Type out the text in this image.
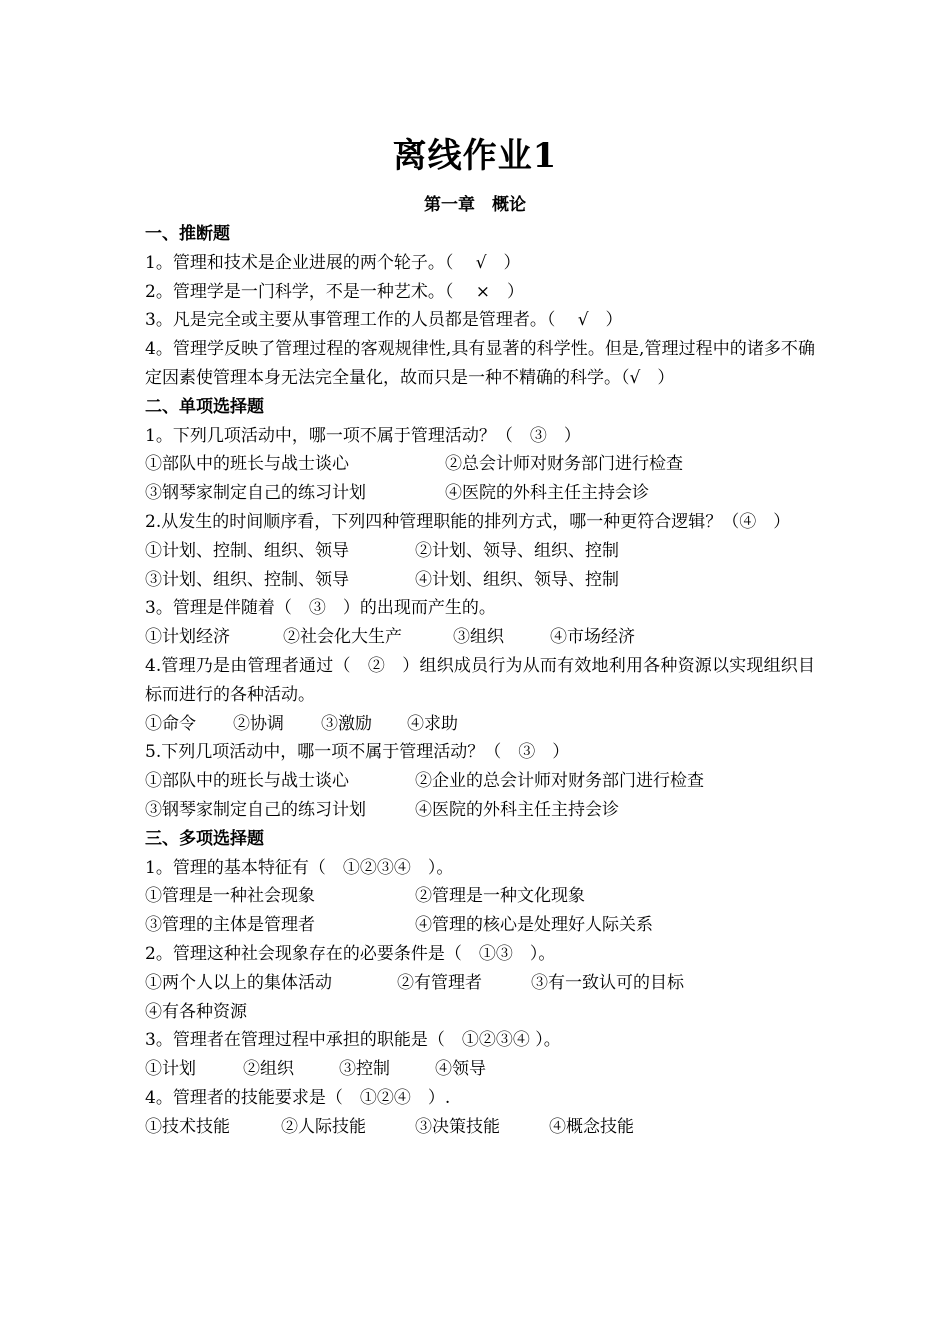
离线作业1
第一章　概论
一、推断题
1。管理和技术是企业进展的两个轮子。（　 √　）
2。管理学是一门科学，不是一种艺术。（　 ×　）
3。凡是完全或主要从事管理工作的人员都是管理者。（　 √　）
4。管理学反映了管理过程的客观规律性,具有显著的科学性。但是,管理过程中的诸多不确定因素使管理本身无法完全量化，故而只是一种不精确的科学。（√　）
二、单项选择题
1。下列几项活动中，哪一项不属于管理活动？（　③　）
①部队中的班长与战士谈心	②总会计师对财务部门进行检查
③钢琴家制定自己的练习计划	④医院的外科主任主持会诊
2.从发生的时间顺序看，下列四种管理职能的排列方式，哪一种更符合逻辑？（④　）
①计划、控制、组织、领导	②计划、领导、组织、控制
③计划、组织、控制、领导	④计划、组织、领导、控制
3。管理是伴随着（　③　）的出现而产生的。
①计划经济	②社会化大生产	③组织	④市场经济
4.管理乃是由管理者通过（　②　）组织成员行为从而有效地利用各种资源以实现组织目标而进行的各种活动。
①命令	②协调	③激励	④求助
5.下列几项活动中，哪一项不属于管理活动？（　③　）
①部队中的班长与战士谈心	②企业的总会计师对财务部门进行检查
③钢琴家制定自己的练习计划	④医院的外科主任主持会诊
三、多项选择题
1。管理的基本特征有（　①②③④　）。
①管理是一种社会现象	②管理是一种文化现象
③管理的主体是管理者	④管理的核心是处理好人际关系
2。管理这种社会现象存在的必要条件是（　①③　）。
①两个人以上的集体活动	②有管理者	③有一致认可的目标
④有各种资源
3。管理者在管理过程中承担的职能是（　①②③④ ）。
①计划	②组织	③控制	④领导
4。管理者的技能要求是（　①②④　）.
①技术技能	②人际技能	③决策技能	④概念技能
